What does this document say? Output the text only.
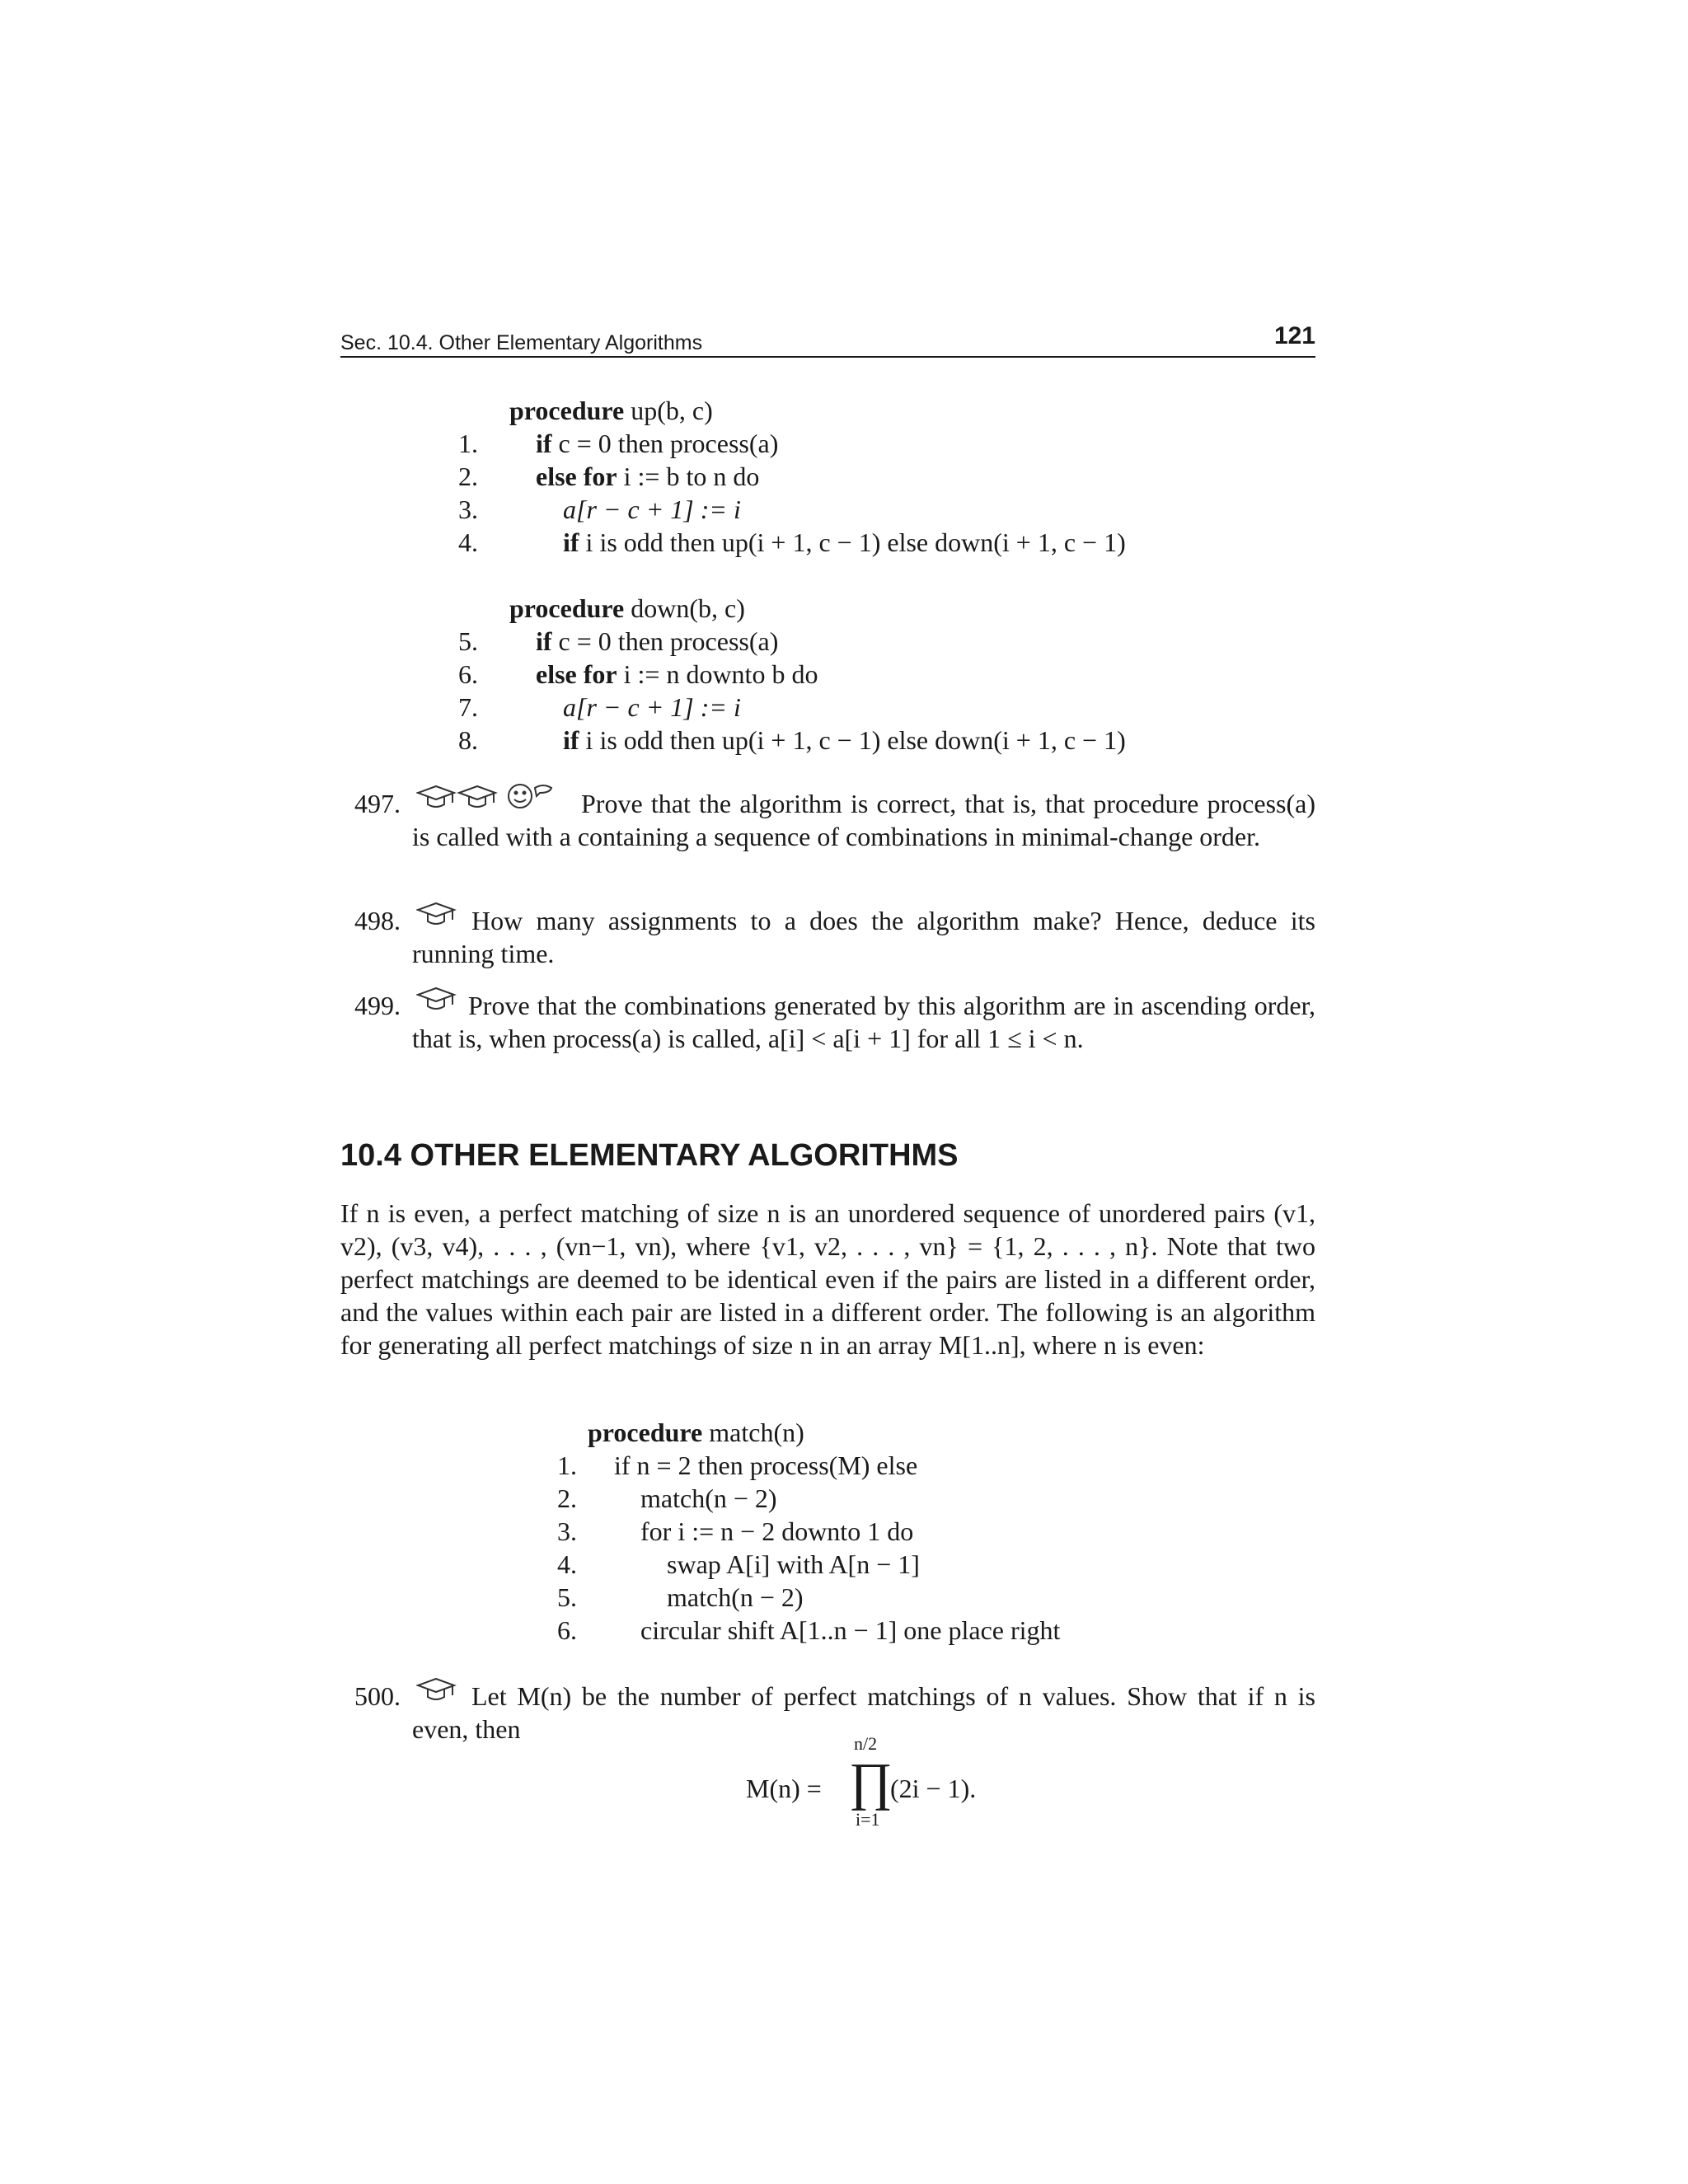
Sec. 10.4. Other Elementary Algorithms	121
procedure up(b, c)
1. if c = 0 then process(a)
2. else for i := b to n do
3.	a[r − c + 1] := i
4.	if i is odd then up(i + 1, c − 1) else down(i + 1, c − 1)
procedure down(b, c)
5. if c = 0 then process(a)
6. else for i := n downto b do
7.	a[r − c + 1] := i
8.	if i is odd then up(i + 1, c − 1) else down(i + 1, c − 1)
497.	Prove that the algorithm is correct, that is, that procedure process(a) is called with a containing a sequence of combinations in minimal-change order.
498.	How many assignments to a does the algorithm make? Hence, deduce its running time.
499.	Prove that the combinations generated by this algorithm are in ascending order, that is, when process(a) is called, a[i] < a[i + 1] for all 1 ≤ i < n.
10.4 OTHER ELEMENTARY ALGORITHMS
If n is even, a perfect matching of size n is an unordered sequence of unordered pairs (v1, v2), (v3, v4), . . . , (vn−1, vn), where {v1, v2, . . . , vn} = {1, 2, . . . , n}. Note that two perfect matchings are deemed to be identical even if the pairs are listed in a different order, and the values within each pair are listed in a different order. The following is an algorithm for generating all perfect matchings of size n in an array M[1..n], where n is even:
procedure match(n)
1. if n = 2 then process(M) else
2. match(n − 2)
3. for i := n − 2 downto 1 do
4.	swap A[i] with A[n − 1]
5.	match(n − 2)
6. circular shift A[1..n − 1] one place right
500.	Let M(n) be the number of perfect matchings of n values. Show that if n is even, then
M(n) =
n/2
∏
i=1
(2i − 1).
